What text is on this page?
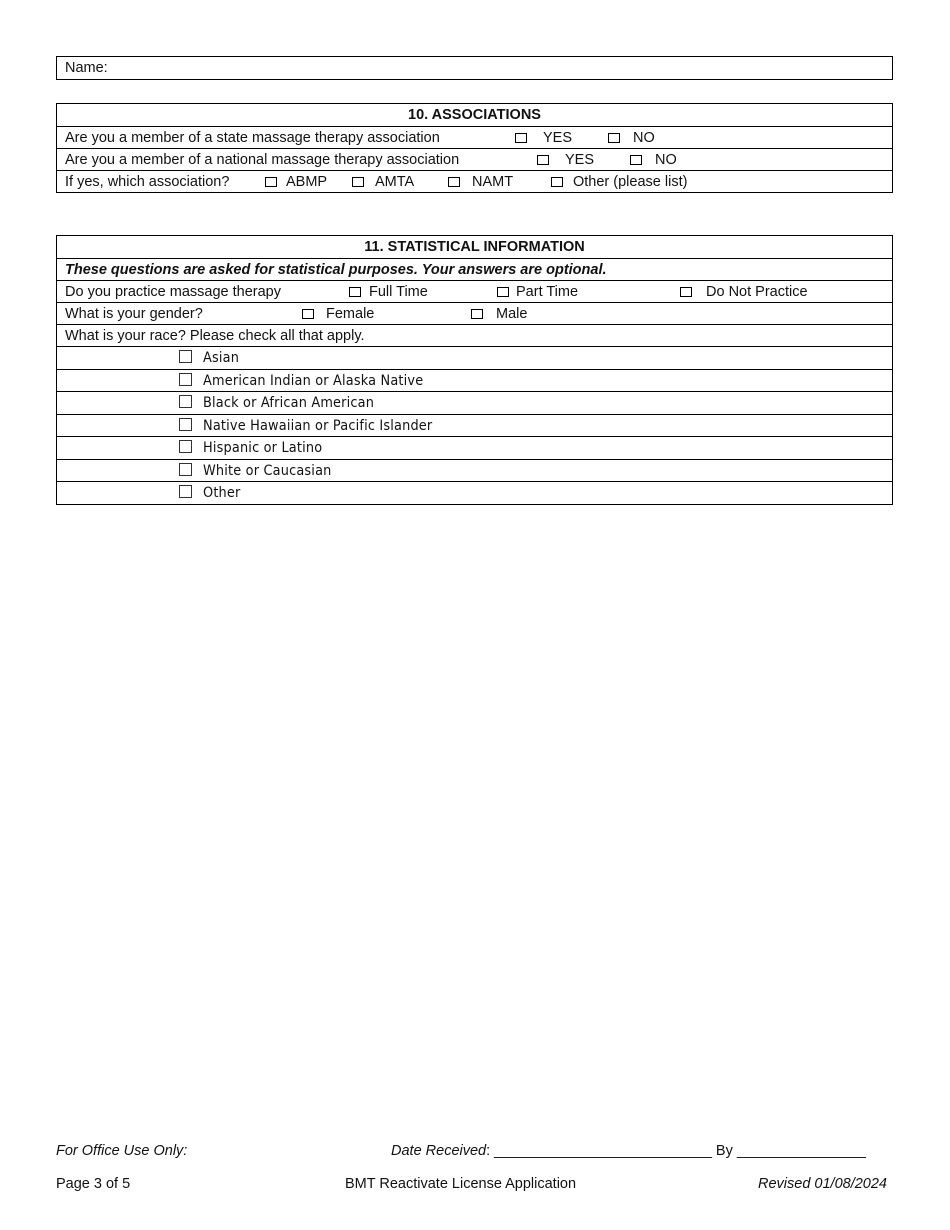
Name:
10. ASSOCIATIONS
Are you a member of a state massage therapy association	YES	NO
Are you a member of a national massage therapy association	YES	NO
If yes, which association?	ABMP	AMTA	NAMT	Other (please list)
11. STATISTICAL INFORMATION
These questions are asked for statistical purposes. Your answers are optional.
Do you practice massage therapy	Full Time	Part Time	Do Not Practice
What is your gender?	Female	Male
What is your race? Please check all that apply.
Asian
American Indian or Alaska Native
Black or African American
Native Hawaiian or Pacific Islander
Hispanic or Latino
White or Caucasian
Other
For Office Use Only:	Date Received: ___________________________ By ________________
Page 3 of 5	BMT Reactivate License Application	Revised 01/08/2024
